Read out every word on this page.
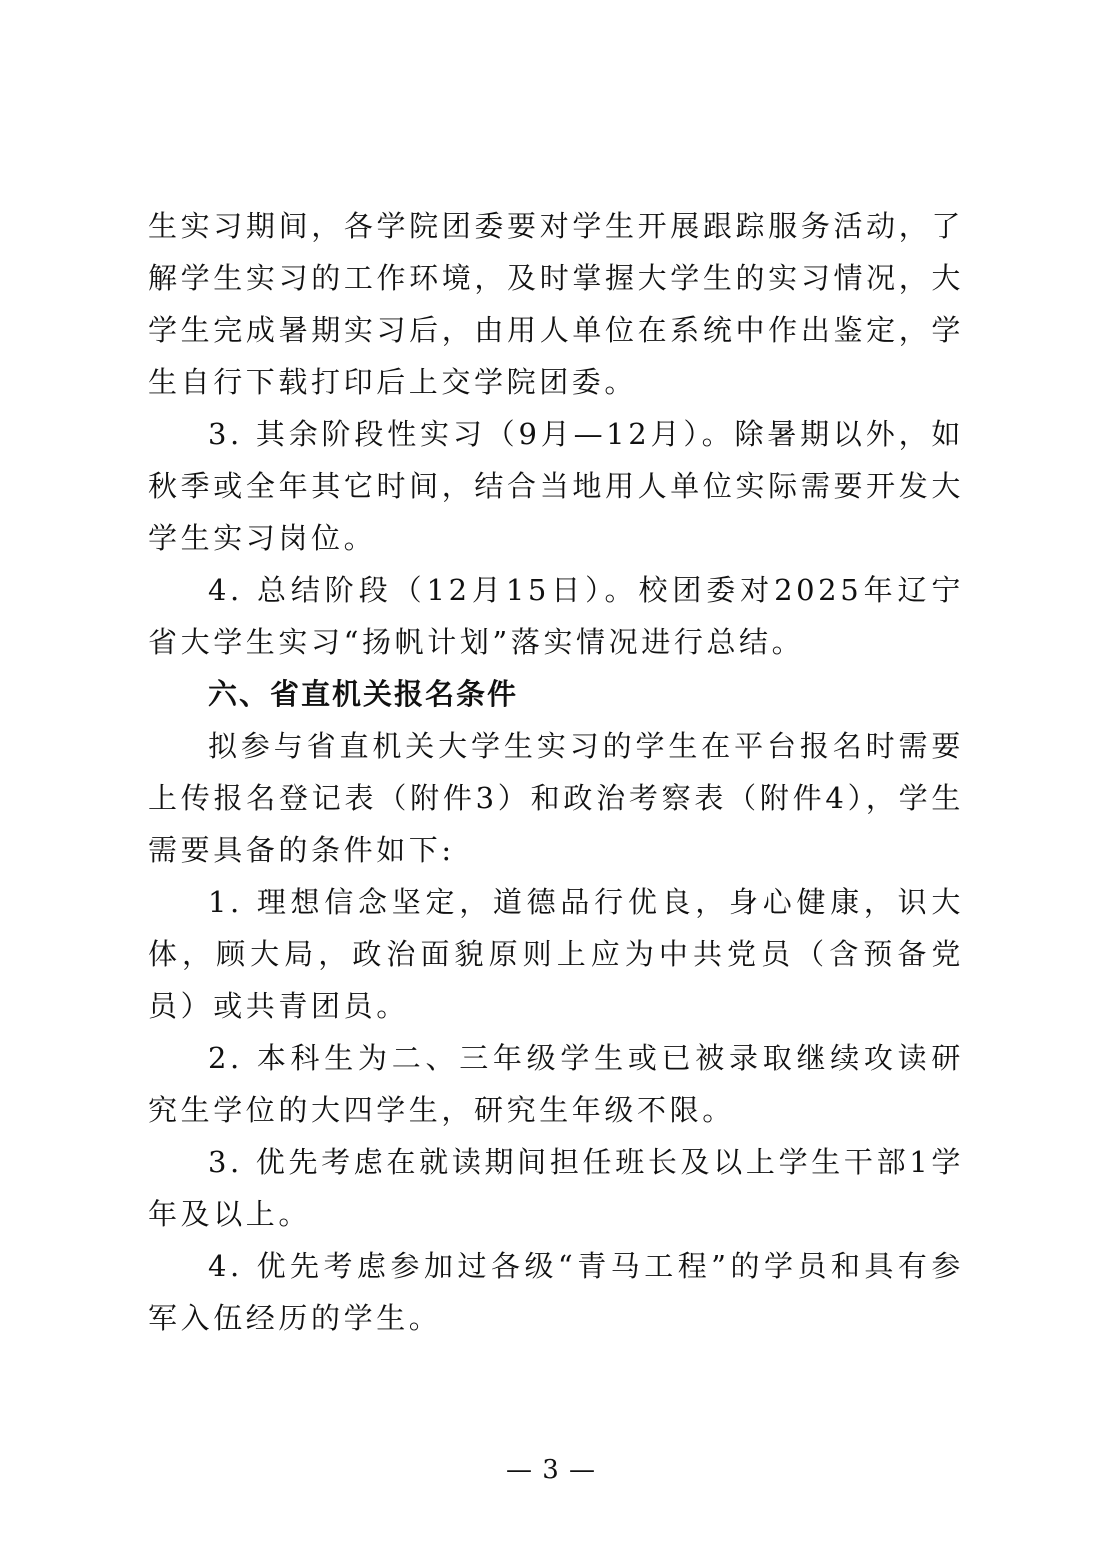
生实习期间，各学院团委要对学生开展跟踪服务活动，了解学生实习的工作环境，及时掌握大学生的实习情况，大学生完成暑期实习后，由用人单位在系统中作出鉴定，学生自行下载打印后上交学院团委。

3. 其余阶段性实习（9月—12月）。除暑期以外，如秋季或全年其它时间，结合当地用人单位实际需要开发大学生实习岗位。

4. 总结阶段（12月15日）。校团委对2025年辽宁省大学生实习“扬帆计划”落实情况进行总结。

六、省直机关报名条件

拟参与省直机关大学生实习的学生在平台报名时需要上传报名登记表（附件3）和政治考察表（附件4），学生需要具备的条件如下:

1. 理想信念坚定，道德品行优良，身心健康，识大体，顾大局，政治面貌原则上应为中共党员（含预备党员）或共青团员。

2. 本科生为二、三年级学生或已被录取继续攻读研究生学位的大四学生，研究生年级不限。

3. 优先考虑在就读期间担任班长及以上学生干部1学年及以上。

4. 优先考虑参加过各级“青马工程”的学员和具有参军入伍经历的学生。

— 3 —
